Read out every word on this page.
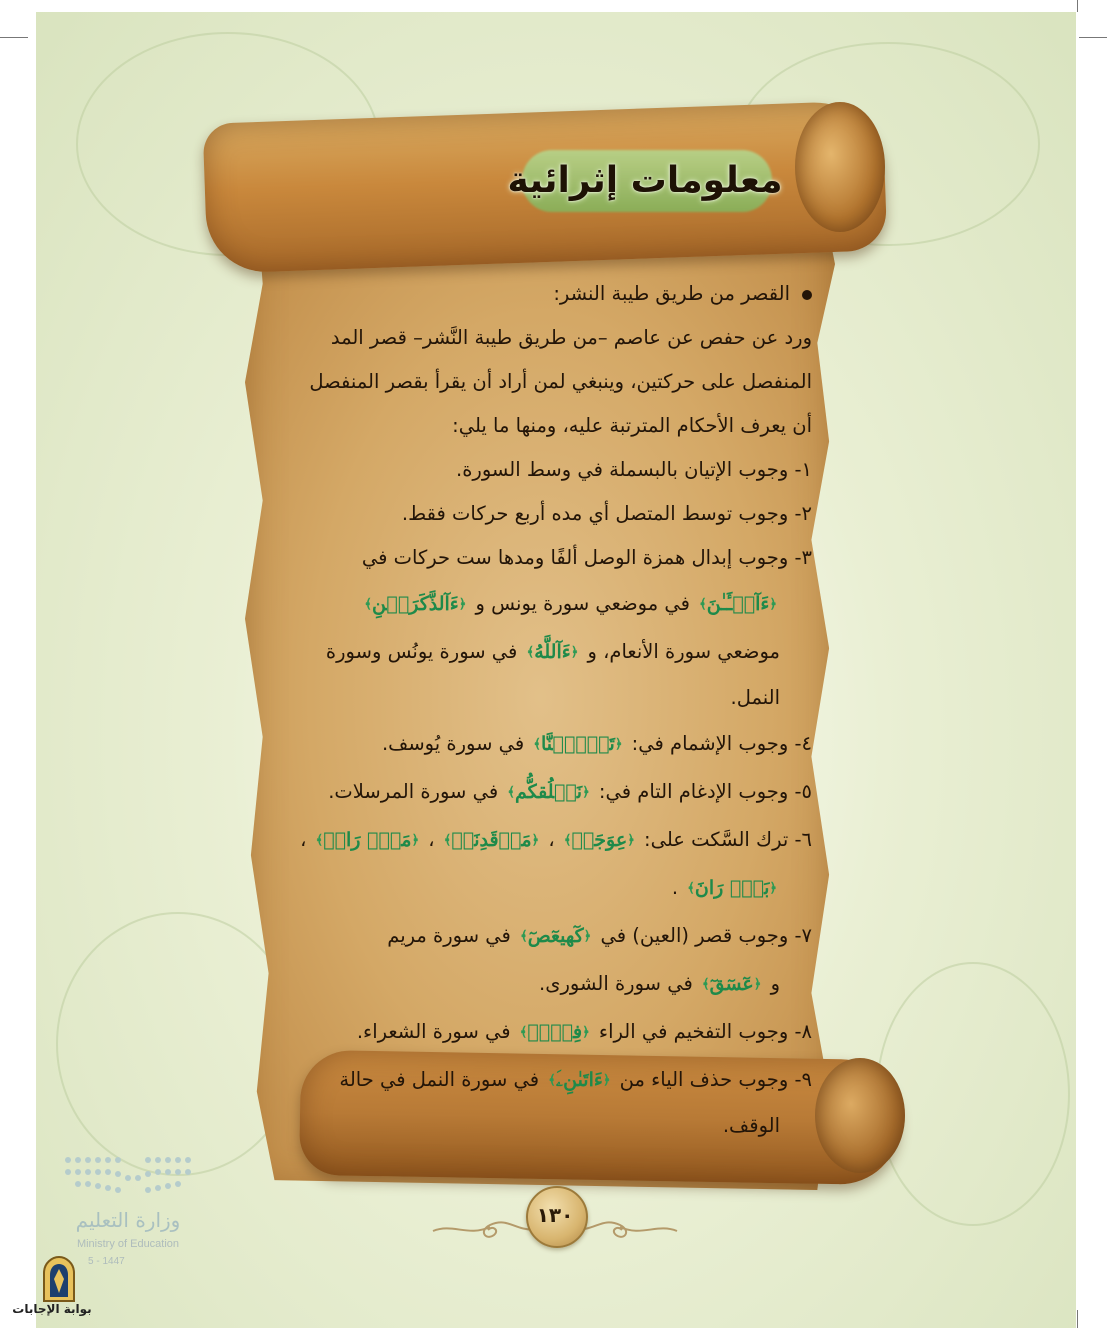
معلومات إثرائية
القصر من طريق طيبة النشر:
ورد عن حفص عن عاصم –من طريق طيبة النَّشر– قصر المد
المنفصل على حركتين، وينبغي لمن أراد أن يقرأ بقصر المنفصل
أن يعرف الأحكام المترتبة عليه، ومنها ما يلي:
١- وجوب الإتيان بالبسملة في وسط السورة.
٢- وجوب توسط المتصل أي مده أربع حركات فقط.
٣- وجوب إبدال همزة الوصل ألفًا ومدها ست حركات في
﴿ءَآلۡـَٔـٰنَ﴾ في موضعي سورة يونس و ﴿ءَآلذَّكَرَيۡنِ﴾
موضعي سورة الأنعام، و ﴿ءَآللَّهُ﴾ في سورة يونُس وسورة
النمل.
٤- وجوب الإشمام في: ﴿تَأۡمَ۫نَّا﴾ في سورة يُوسف.
٥- وجوب الإدغام التام في: ﴿نَخۡلُقكُّم﴾ في سورة المرسلات.
٦- ترك السَّكت على: ﴿عِوَجَاۜ﴾ ، ﴿مَرۡقَدِنَاۜ﴾ ، ﴿مَنۡۜ رَاقٖ﴾ ،
﴿بَلۡۜ رَانَ﴾ .
٧- وجوب قصر (العين) في ﴿كٓهيعٓصٓ﴾ في سورة مريم
و ﴿عٓسٓقٓ﴾ في سورة الشورى.
٨- وجوب التفخيم في الراء ﴿فِرۡقٖ﴾ في سورة الشعراء.
٩- وجوب حذف الياء من ﴿ءَاتَىٰنِۦَ﴾ في سورة النمل في حالة
الوقف.
١٣٠
وزارة التعليم
Ministry of Education
5 - 1447
بوابة الإجابات
